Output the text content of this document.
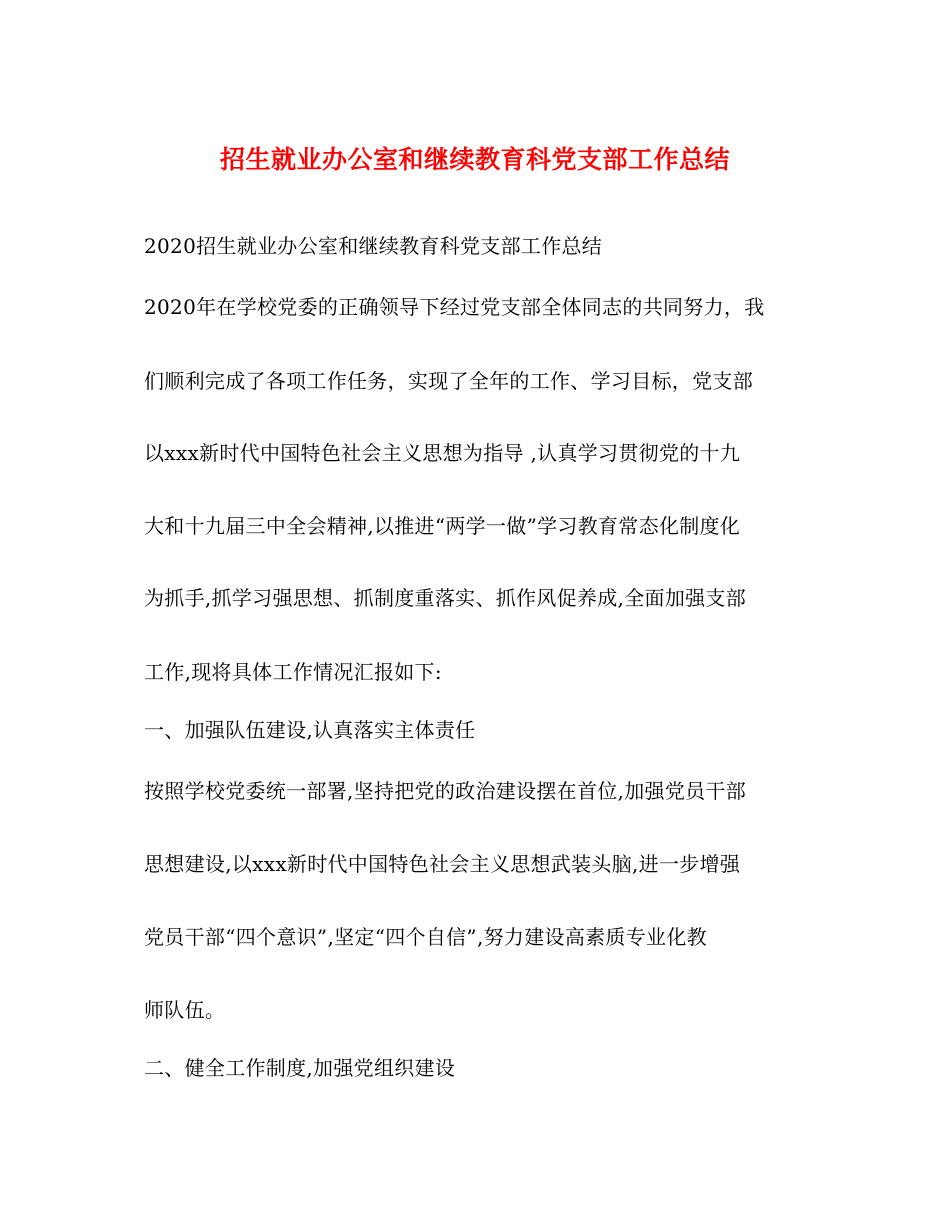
招生就业办公室和继续教育科党支部工作总结
2020招生就业办公室和继续教育科党支部工作总结
2020年在学校党委的正确领导下经过党支部全体同志的共同努力，我
们顺利完成了各项工作任务，实现了全年的工作、学习目标，党支部
以xxx新时代中国特色社会主义思想为指导 ,认真学习贯彻党的十九
大和十九届三中全会精神,以推进“两学一做”学习教育常态化制度化
为抓手,抓学习强思想、抓制度重落实、抓作风促养成,全面加强支部
工作,现将具体工作情况汇报如下:
一、加强队伍建设,认真落实主体责任
按照学校党委统一部署,坚持把党的政治建设摆在首位,加强党员干部
思想建设,以xxx新时代中国特色社会主义思想武装头脑,进一步增强
党员干部“四个意识”,坚定“四个自信”,努力建设高素质专业化教
师队伍。
二、健全工作制度,加强党组织建设
